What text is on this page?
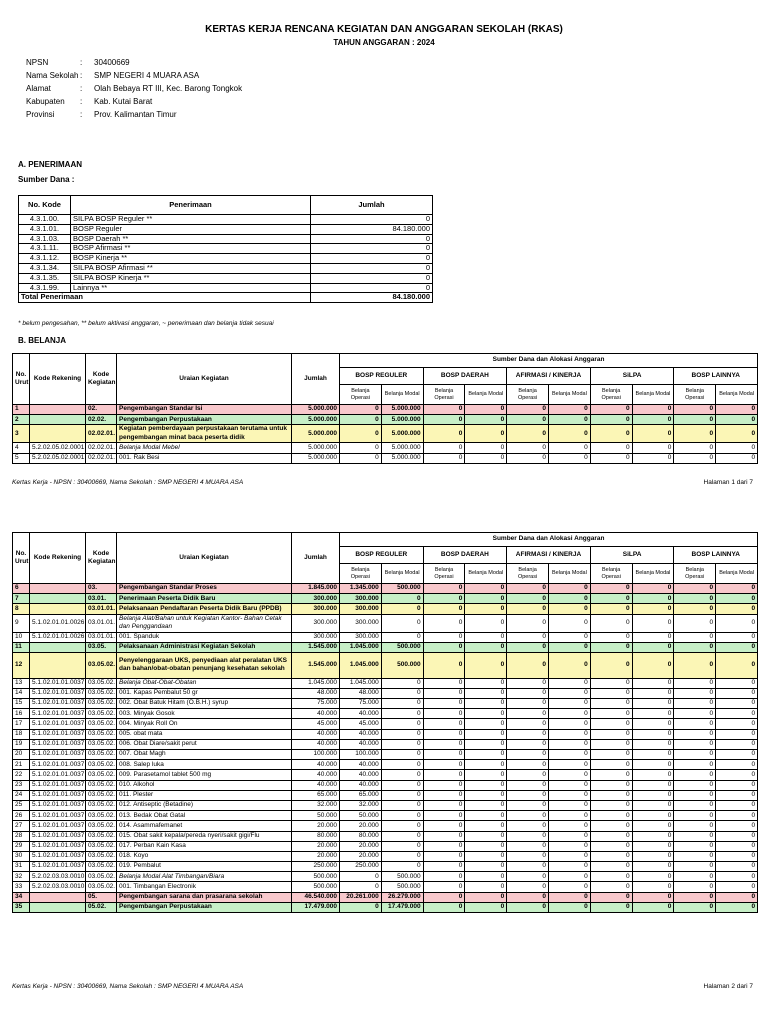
KERTAS KERJA RENCANA KEGIATAN DAN ANGGARAN SEKOLAH (RKAS)
TAHUN ANGGARAN : 2024
NPSN	:	30400669
Nama Sekolah :	SMP NEGERI 4 MUARA ASA
Alamat	:	Olah Bebaya RT III, Kec. Barong Tongkok
Kabupaten	:	Kab. Kutai Barat
Provinsi	:	Prov. Kalimantan Timur
A. PENERIMAAN
Sumber Dana :
No. Kode	Penerimaan	Jumlah
4.3.1.00.	SILPA BOSP Reguler **	0
4.3.1.01.	BOSP Reguler	84.180.000
4.3.1.03.	BOSP Daerah **	0
4.3.1.11.	BOSP Afirmasi **	0
4.3.1.12.	BOSP Kinerja **	0
4.3.1.34.	SILPA BOSP Afirmasi **	0
4.3.1.35.	SILPA BOSP Kinerja **	0
4.3.1.99.	Lainnya **	0
Total Penerimaan		84.180.000
* belum pengesahan, ** belum aktivasi anggaran, ~ penerimaan dan belanja tidak sesuai
B. BELANJA
No. Urut	Kode Rekening	Kode Kegiatan	Uraian Kegiatan	Jumlah	Sumber Dana dan Alokasi Anggaran									
					BOSP REGULER		BOSP DAERAH		AFIRMASI / KINERJA		SiLPA		BOSP LAINNYA	
					Belanja Operasi	Belanja Modal	Belanja Operasi	Belanja Modal	Belanja Operasi	Belanja Modal	Belanja Operasi	Belanja Modal	Belanja Operasi	Belanja Modal
1		02.	Pengembangan Standar Isi	5.000.000	0	5.000.000	0	0	0	0	0	0	0	0
2		02.02.	Pengembangan Perpustakaan	5.000.000	0	5.000.000	0	0	0	0	0	0	0	0
3		02.02.01.	Kegiatan pemberdayaan perpustakaan terutama untuk pengembangan minat baca peserta didik	5.000.000	0	5.000.000	0	0	0	0	0	0	0	0
4	5.2.02.05.02.0001	02.02.01.	Belanja Modal Mebel	5.000.000	0	5.000.000	0	0	0	0	0	0	0	0
5	5.2.02.05.02.0001	02.02.01.	001. Rak Besi	5.000.000	0	5.000.000	0	0	0	0	0	0	0	0
Kertas Kerja - NPSN : 30400669, Nama Sekolah : SMP NEGERI 4 MUARA ASA	Halaman 1 dari 7
No. Urut	Kode Rekening	Kode Kegiatan	Uraian Kegiatan	Jumlah	Sumber Dana dan Alokasi Anggaran									
					BOSP REGULER		BOSP DAERAH		AFIRMASI / KINERJA		SiLPA		BOSP LAINNYA	
					Belanja Operasi	Belanja Modal	Belanja Operasi	Belanja Modal	Belanja Operasi	Belanja Modal	Belanja Operasi	Belanja Modal	Belanja Operasi	Belanja Modal
6		03.	Pengembangan Standar Proses	1.845.000	1.345.000	500.000	0	0	0	0	0	0	0	0
7		03.01.	Penerimaan Peserta Didik Baru	300.000	300.000	0	0	0	0	0	0	0	0	0
8		03.01.01.	Pelaksanaan Pendaftaran Peserta Didik Baru (PPDB)	300.000	300.000	0	0	0	0	0	0	0	0	0
9	5.1.02.01.01.0026	03.01.01.	Belanja Alat/Bahan untuk Kegiatan Kantor- Bahan Cetak dan Penggandaan	300.000	300.000	0	0	0	0	0	0	0	0	0
10	5.1.02.01.01.0026	03.01.01.	001. Spanduk	300.000	300.000	0	0	0	0	0	0	0	0	0
11		03.05.	Pelaksanaan Administrasi Kegiatan Sekolah	1.545.000	1.045.000	500.000	0	0	0	0	0	0	0	0
12		03.05.02.	Penyelenggaraan UKS, penyediaan alat peralatan UKS dan bahan/obat-obatan penunjang kesehatan sekolah	1.545.000	1.045.000	500.000	0	0	0	0	0	0	0	0
13	5.1.02.01.01.0037	03.05.02.	Belanja Obat-Obat-Obatan	1.045.000	1.045.000	0	0	0	0	0	0	0	0	0
14	5.1.02.01.01.0037	03.05.02.	001. Kapas Pembalut 50 gr	48.000	48.000	0	0	0	0	0	0	0	0	0
15	5.1.02.01.01.0037	03.05.02.	002. Obat Batuk Hitam (O.B.H.) syrup	75.000	75.000	0	0	0	0	0	0	0	0	0
16	5.1.02.01.01.0037	03.05.02.	003. Minyak Gosok	40.000	40.000	0	0	0	0	0	0	0	0	0
17	5.1.02.01.01.0037	03.05.02.	004. Minyak Roll On	45.000	45.000	0	0	0	0	0	0	0	0	0
18	5.1.02.01.01.0037	03.05.02.	005. obat mata	40.000	40.000	0	0	0	0	0	0	0	0	0
19	5.1.02.01.01.0037	03.05.02.	006. Obat Diare/sakit perut	40.000	40.000	0	0	0	0	0	0	0	0	0
20	5.1.02.01.01.0037	03.05.02.	007. Obat Magh	100.000	100.000	0	0	0	0	0	0	0	0	0
21	5.1.02.01.01.0037	03.05.02.	008. Salep luka	40.000	40.000	0	0	0	0	0	0	0	0	0
22	5.1.02.01.01.0037	03.05.02.	009. Parasetamol tablet 500 mg	40.000	40.000	0	0	0	0	0	0	0	0	0
23	5.1.02.01.01.0037	03.05.02.	010. Alkohol	40.000	40.000	0	0	0	0	0	0	0	0	0
24	5.1.02.01.01.0037	03.05.02.	011. Plester	65.000	65.000	0	0	0	0	0	0	0	0	0
25	5.1.02.01.01.0037	03.05.02.	012. Antiseptic (Betadine)	32.000	32.000	0	0	0	0	0	0	0	0	0
26	5.1.02.01.01.0037	03.05.02.	013. Bedak Obat Gatal	50.000	50.000	0	0	0	0	0	0	0	0	0
27	5.1.02.01.01.0037	03.05.02.	014. Asammafemanet	20.000	20.000	0	0	0	0	0	0	0	0	0
28	5.1.02.01.01.0037	03.05.02.	015. Obat sakit kepala/pereda nyeri/sakit gigi/Flu	80.000	80.000	0	0	0	0	0	0	0	0	0
29	5.1.02.01.01.0037	03.05.02.	017. Perban Kain Kasa	20.000	20.000	0	0	0	0	0	0	0	0	0
30	5.1.02.01.01.0037	03.05.02.	018. Koyo	20.000	20.000	0	0	0	0	0	0	0	0	0
31	5.1.02.01.01.0037	03.05.02.	019. Pembalut	250.000	250.000	0	0	0	0	0	0	0	0	0
32	5.2.02.03.03.0010	03.05.02.	Belanja Modal Alat Timbangan/Biara	500.000	0	500.000	0	0	0	0	0	0	0	0
33	5.2.02.03.03.0010	03.05.02.	001. Timbangan Electronik	500.000	0	500.000	0	0	0	0	0	0	0	0
34		05.	Pengembangan sarana dan prasarana sekolah	46.540.000	20.261.000	26.279.000	0	0	0	0	0	0	0	0
35		05.02.	Pengembangan Perpustakaan	17.479.000	0	17.479.000	0	0	0	0	0	0	0	0
Kertas Kerja - NPSN : 30400669, Nama Sekolah : SMP NEGERI 4 MUARA ASA	Halaman 2 dari 7
